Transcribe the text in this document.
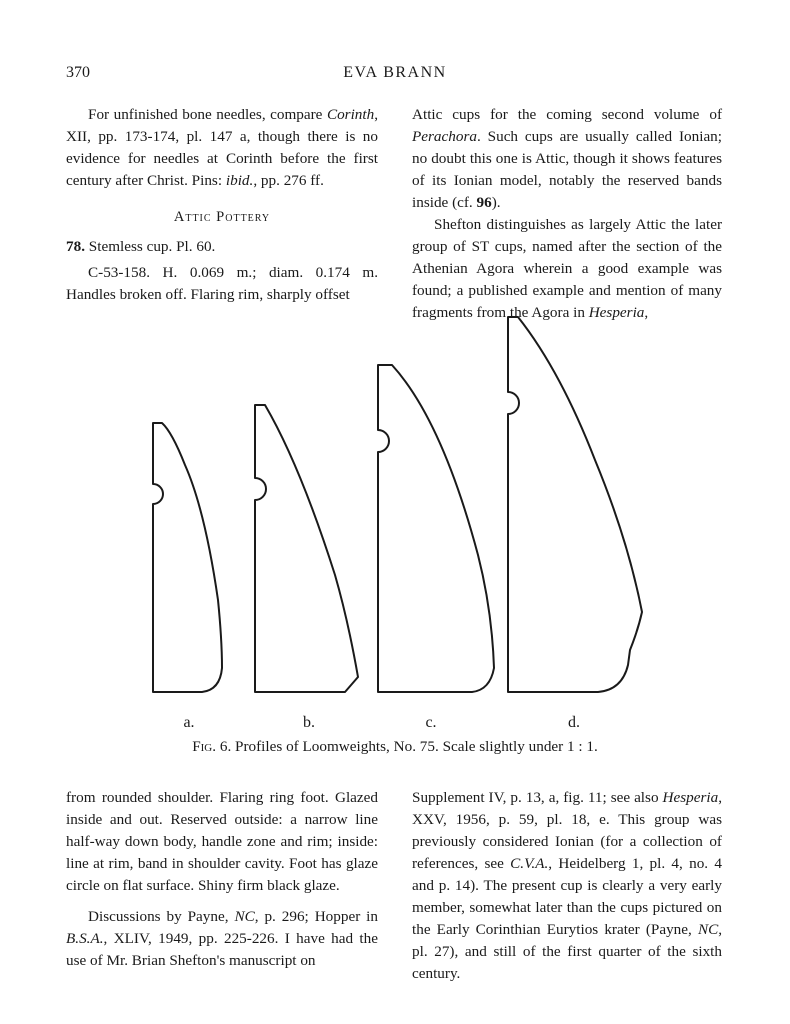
370	EVA BRANN

For unfinished bone needles, compare Corinth, XII, pp. 173-174, pl. 147 a, though there is no evidence for needles at Corinth before the first century after Christ. Pins: ibid., pp. 276 ff.

Attic Pottery

78. Stemless cup. Pl. 60.

C-53-158. H. 0.069 m.; diam. 0.174 m. Handles broken off. Flaring rim, sharply offset

Attic cups for the coming second volume of Perachora. Such cups are usually called Ionian; no doubt this one is Attic, though it shows features of its Ionian model, notably the reserved bands inside (cf. 96).

Shefton distinguishes as largely Attic the later group of ST cups, named after the section of the Athenian Agora wherein a good example was found; a published example and mention of many fragments from the Agora in Hesperia,

a.	b.	c.	d.
Fig. 6. Profiles of Loomweights, No. 75. Scale slightly under 1 : 1.

from rounded shoulder. Flaring ring foot. Glazed inside and out. Reserved outside: a narrow line half-way down body, handle zone and rim; inside: line at rim, band in shoulder cavity. Foot has glaze circle on flat surface. Shiny firm black glaze.

Discussions by Payne, NC, p. 296; Hopper in B.S.A., XLIV, 1949, pp. 225-226. I have had the use of Mr. Brian Shefton's manuscript on

Supplement IV, p. 13, a, fig. 11; see also Hesperia, XXV, 1956, p. 59, pl. 18, e. This group was previously considered Ionian (for a collection of references, see C.V.A., Heidelberg 1, pl. 4, no. 4 and p. 14). The present cup is clearly a very early member, somewhat later than the cups pictured on the Early Corinthian Eurytios krater (Payne, NC, pl. 27), and still of the first quarter of the sixth century.
